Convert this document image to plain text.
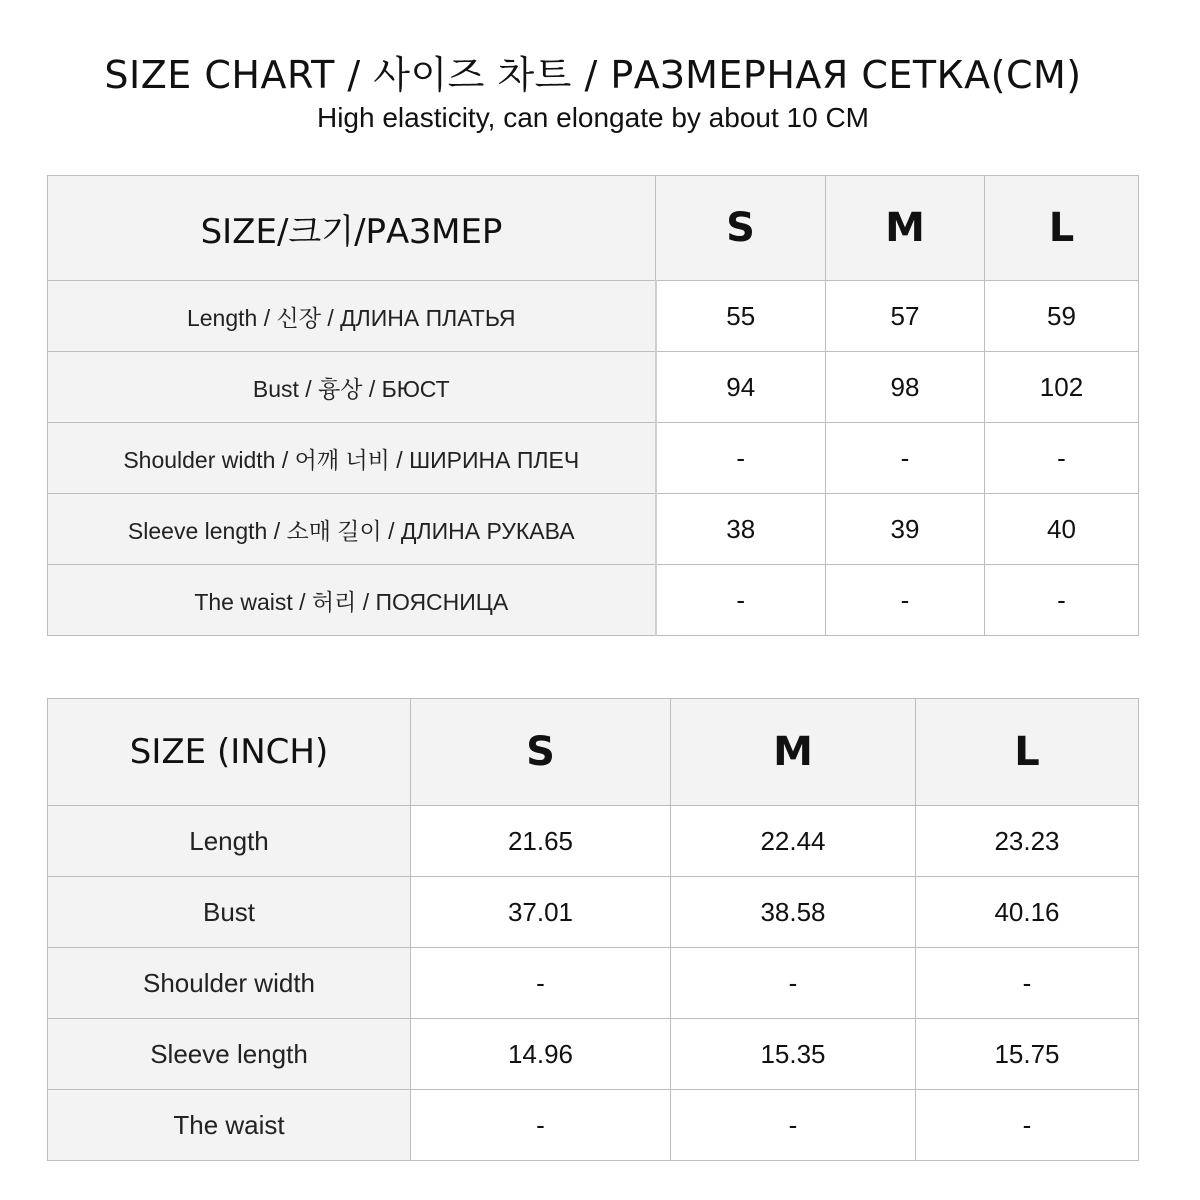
SIZE CHART / 사이즈 차트 / РАЗМЕРНАЯ СЕТКА(CM)
High elasticity, can elongate by about 10 CM
SIZE/크기/РАЗМЕР	S	M	L
Length / 신장 / ДЛИНА ПЛАТЬЯ	55	57	59
Bust / 흉상 / БЮСТ	94	98	102
Shoulder width / 어깨 너비 / ШИРИНА ПЛЕЧ	-	-	-
Sleeve length / 소매 길이 / ДЛИНА РУКАВА	38	39	40
The waist / 허리 / ПОЯСНИЦА	-	-	-
SIZE (INCH)	S	M	L
Length	21.65	22.44	23.23
Bust	37.01	38.58	40.16
Shoulder width	-	-	-
Sleeve length	14.96	15.35	15.75
The waist	-	-	-
